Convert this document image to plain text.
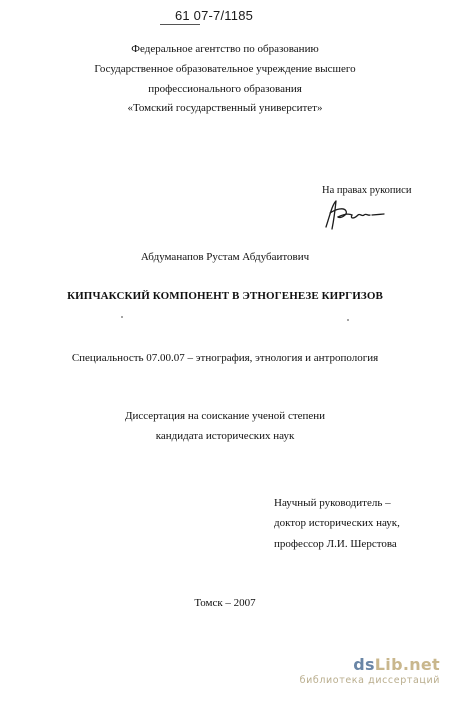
61 07-7/1185
Федеральное агентство по образованию
Государственное образовательное учреждение высшего
профессионального образования
«Томский государственный университет»
На правах рукописи
Абдуманапов Рустам Абдубаитович
КИПЧАКСКИЙ КОМПОНЕНТ В ЭТНОГЕНЕЗЕ КИРГИЗОВ
Специальность 07.00.07 – этнография, этнология и антропология
Диссертация на соискание ученой степени
кандидата исторических наук
Научный руководитель –
доктор исторических наук,
профессор Л.И. Шерстова
Томск – 2007
dsLib.net
библиотека диссертаций
